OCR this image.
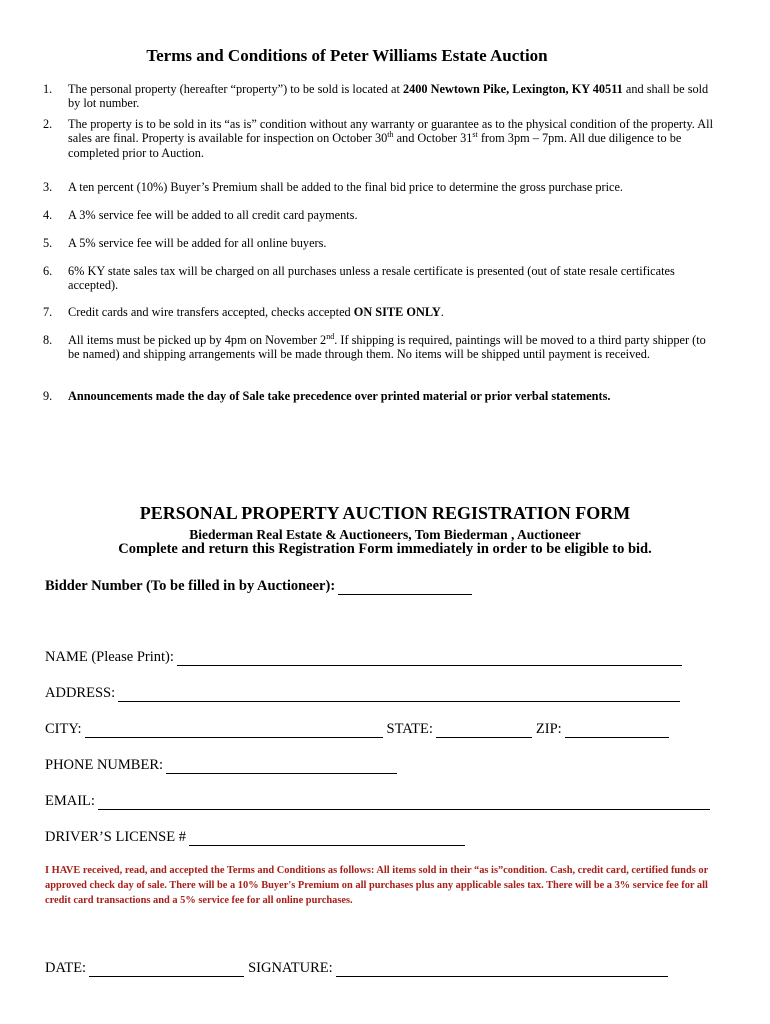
Terms and Conditions of Peter Williams Estate Auction
1.	The personal property (hereafter “property”) to be sold is located at 2400 Newtown Pike, Lexington, KY 40511 and shall be sold by lot number.
2.	The property is to be sold in its “as is” condition without any warranty or guarantee as to the physical condition of the property. All sales are final. Property is available for inspection on October 30th and October 31st from 3pm – 7pm. All due diligence to be completed prior to Auction.
3.	A ten percent (10%) Buyer’s Premium shall be added to the final bid price to determine the gross purchase price.
4.	A 3% service fee will be added to all credit card payments.
5.	A 5% service fee will be added for all online buyers.
6.	6% KY state sales tax will be charged on all purchases unless a resale certificate is presented (out of state resale certificates accepted).
7.	Credit cards and wire transfers accepted, checks accepted ON SITE ONLY.
8.	All items must be picked up by 4pm on November 2nd. If shipping is required, paintings will be moved to a third party shipper (to be named) and shipping arrangements will be made through them. No items will be shipped until payment is received.
9.	Announcements made the day of Sale take precedence over printed material or prior verbal statements.
PERSONAL PROPERTY AUCTION REGISTRATION FORM
Biederman Real Estate & Auctioneers, Tom Biederman , Auctioneer
Complete and return this Registration Form immediately in order to be eligible to bid.
Bidder Number (To be filled in by Auctioneer):
NAME (Please Print):
ADDRESS:
CITY:	STATE:	ZIP:
PHONE NUMBER:
EMAIL:
DRIVER’S LICENSE #
I HAVE received, read, and accepted the Terms and Conditions as follows: All items sold in their “as is”condition. Cash, credit card, certified funds or approved check day of sale. There will be a 10% Buyer's Premium on all purchases plus any applicable sales tax. There will be a 3% service fee for all credit card transactions and a 5% service fee for all online purchases.
DATE:	SIGNATURE:
